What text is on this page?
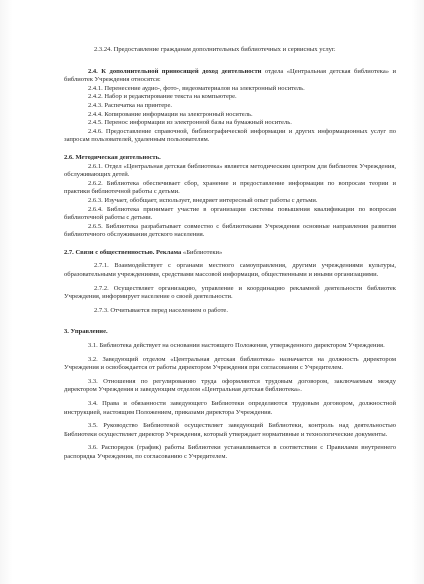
2.3.24. Предоставление гражданам дополнительных библиотечных и сервисных услуг.

2.4. К дополнительной приносящей доход деятельности отдела «Центральная детская библиотека» и библиотек Учреждения относятся:

2.4.1. Перенесение аудио-, фото-, видеоматериалов на электронный носитель.

2.4.2. Набор и редактирование текста на компьютере.

2.4.3. Распечатка на принтере.

2.4.4. Копирование информации на электронный носитель.

2.4.5. Перенос информации из электронной базы на бумажный носитель.

2.4.6. Предоставление справочной, библиографической информации и других информационных услуг по запросам пользователей, удаленным пользователям.

2.6. Методическая деятельность.

2.6.1. Отдел «Центральная детская библиотека» является методическим центром для библиотек Учреждения, обслуживающих детей.

2.6.2. Библиотека обеспечивает сбор, хранение и предоставление информации по вопросам теории и практики библиотечной работы с детьми.

2.6.3. Изучает, обобщает, использует, внедряет интересный опыт работы с детьми.

2.6.4. Библиотека принимает участие в организации системы повышения квалификации по вопросам библиотечной работы с детьми.

2.6.5. Библиотека разрабатывает совместно с библиотеками Учреждения основные направления развития библиотечного обслуживания детского населения.

2.7. Связи с общественностью. Реклама «Библиотеки»

2.7.1. Взаимодействует с органами местного самоуправления, другими учреждениями культуры, образовательными учреждениями, средствами массовой информации, общественными и иными организациями.

2.7.2. Осуществляет организацию, управление и координацию рекламной деятельности библиотек Учреждения, информирует население о своей деятельности.

2.7.3. Отчитывается перед населением о работе.

3. Управление.

3.1. Библиотека действует на основании настоящего Положения, утвержденного директором Учреждения.

3.2. Заведующий отделом «Центральная детская библиотека» назначается на должность директором Учреждения и освобождается от работы директором Учреждения при согласовании с Учредителем.

3.3. Отношения по регулированию труда оформляются трудовым договором, заключаемым между директором Учреждения и заведующим отделом «Центральная детская библиотека».

3.4. Права и обязанности заведующего Библиотеки определяются трудовым договором, должностной инструкцией, настоящим Положением, приказами директора Учреждения.

3.5. Руководство Библиотекой осуществляет заведующий Библиотеки, контроль над деятельностью Библиотеки осуществляет директор Учреждения, который утверждает нормативные и технологические документы.

3.6. Распорядок (график) работы Библиотеки устанавливается в соответствии с Правилами внутреннего распорядка Учреждения, по согласованию с Учредителем.
